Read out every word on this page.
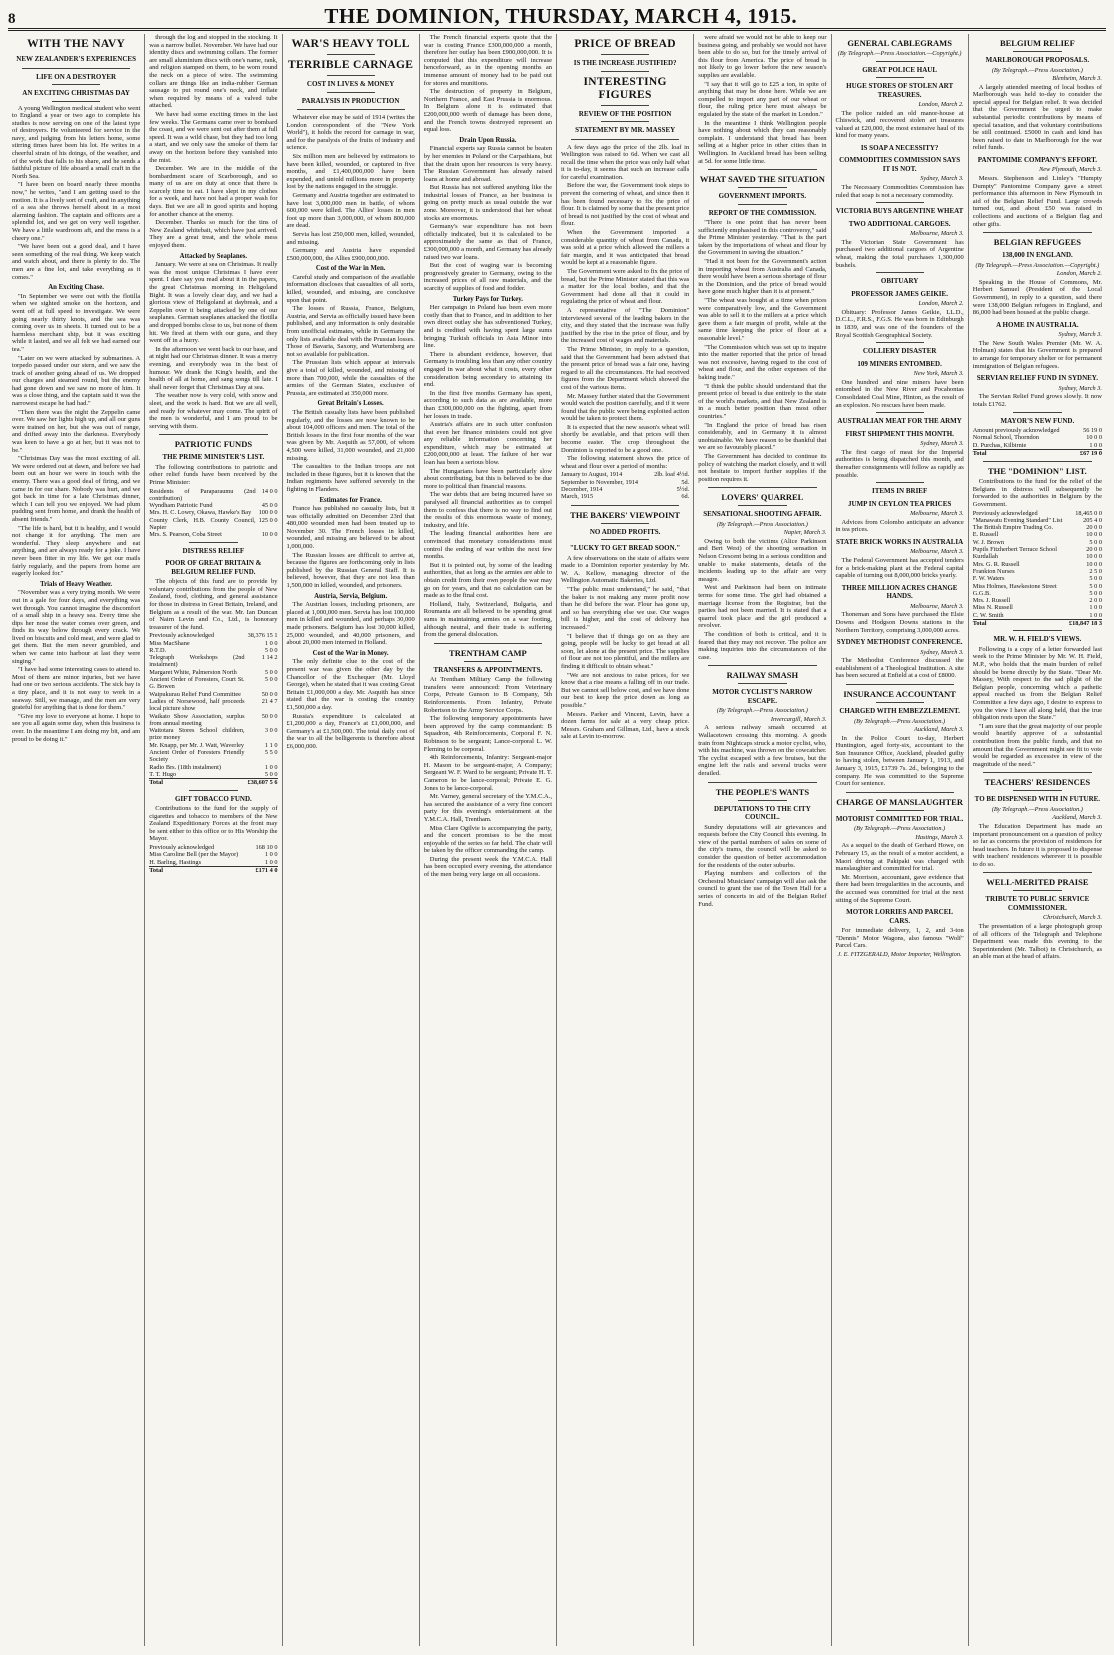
8	THE DOMINION, THURSDAY, MARCH 4, 1915.
WITH THE NAVY
NEW ZEALANDER'S EXPERIENCES
LIFE ON A DESTROYER
AN EXCITING CHRISTMAS DAY

A young Wellington medical student who went to England a year or two ago to complete his studies is now serving on one of the latest type of destroyers. He volunteered for service in the navy, and judging from his letters home, some stirring times have been his lot. He writes in a cheerful strain of his doings, of the weather, and of the work that falls to his share, and he sends a faithful picture of life aboard a small craft in the North Sea.

"I have been on board nearly three months now," he writes, "and I am getting used to the motion. It is a lively sort of craft, and in anything of a sea she throws herself about in a most alarming fashion. The captain and officers are a splendid lot, and we get on very well together. We have a little wardroom aft, and the mess is a cheery one."

"We have been out a good deal, and I have seen something of the real thing. We keep watch and watch about, and there is plenty to do. The men are a fine lot, and take everything as it comes."

An Exciting Chase.

"In September we were out with the flotilla when we sighted smoke on the horizon, and went off at full speed to investigate. We were going nearly thirty knots, and the sea was coming over us in sheets. It turned out to be a harmless merchant ship, but it was exciting while it lasted, and we all felt we had earned our tea."

"Later on we were attacked by submarines. A torpedo passed under our stern, and we saw the track of another going ahead of us. We dropped our charges and steamed round, but the enemy had gone down and we saw no more of him. It was a close thing, and the captain said it was the narrowest escape he had had."

"Then there was the night the Zeppelin came over. We saw her lights high up, and all our guns were trained on her, but she was out of range, and drifted away into the darkness. Everybody was keen to have a go at her, but it was not to be."

"Christmas Day was the most exciting of all. We were ordered out at dawn, and before we had been out an hour we were in touch with the enemy. There was a good deal of firing, and we came in for our share. Nobody was hurt, and we got back in time for a late Christmas dinner, which I can tell you we enjoyed. We had plum pudding sent from home, and drank the health of absent friends."

"The life is hard, but it is healthy, and I would not change it for anything. The men are wonderful. They sleep anywhere and eat anything, and are always ready for a joke. I have never been fitter in my life. We get our mails fairly regularly, and the papers from home are eagerly looked for."

Trials of Heavy Weather.

"November was a very trying month. We were out in a gale for four days, and everything was wet through. You cannot imagine the discomfort of a small ship in a heavy sea. Every time she dips her nose the water comes over green, and finds its way below through every crack. We lived on biscuits and cold meat, and were glad to get them. But the men never grumbled, and when we came into harbour at last they were singing."

"I have had some interesting cases to attend to. Most of them are minor injuries, but we have had one or two serious accidents. The sick bay is a tiny place, and it is not easy to work in a seaway. Still, we manage, and the men are very grateful for anything that is done for them."

"Give my love to everyone at home. I hope to see you all again some day, when this business is over. In the meantime I am doing my bit, and am proud to be doing it."

through the log and stopped in the stocking. It was a narrow bullet. November. We have had our identity discs and swimming collars. The former are small aluminium discs with one's name, rank, and religion stamped on them, to be worn round the neck on a piece of wire. The swimming collars are things like an india-rubber German sausage to put round one's neck, and inflate when required by means of a valved tube attached.

We have had some exciting times in the last few weeks. The Germans came over to bombard the coast, and we were sent out after them at full speed. It was a wild chase, but they had too long a start, and we only saw the smoke of them far away on the horizon before they vanished into the mist.

December. We are in the middle of the bombardment scare of Scarborough, and so many of us are on duty at once that there is scarcely time to eat. I have slept in my clothes for a week, and have not had a proper wash for days. But we are all in good spirits and hoping for another chance at the enemy.

December. Thanks so much for the tins of New Zealand whitebait, which have just arrived. They are a great treat, and the whole mess enjoyed them.

Attacked by Seaplanes.

January. We were at sea on Christmas. It really was the most unique Christmas I have ever spent. I dare say you read about it in the papers, the great Christmas morning in Heligoland Bight. It was a lovely clear day, and we had a glorious view of Heligoland at daybreak, and a Zeppelin over it being attacked by one of our seaplanes. German seaplanes attacked the flotilla and dropped bombs close to us, but none of them hit. We fired at them with our guns, and they went off in a hurry.

In the afternoon we went back to our base, and at night had our Christmas dinner. It was a merry evening, and everybody was in the best of humour. We drank the King's health, and the health of all at home, and sang songs till late. I shall never forget that Christmas Day at sea.

The weather now is very cold, with snow and sleet, and the work is hard. But we are all well, and ready for whatever may come. The spirit of the men is wonderful, and I am proud to be serving with them.

PATRIOTIC FUNDS
THE PRIME MINISTER'S LIST.

The following contributions to patriotic and other relief funds have been received by the Prime Minister:

Residents of Paraparaumu (2nd contribution)	14 0 0
Wyndham Patriotic Fund	45 0 0
Mrs. H. C. Lowry, Okawa, Hawke's Bay	100 0 0
County Clerk, H.B. County Council, Napier	125 0 0
Mrs. S. Pearson, Coba Street	10 0 0
DISTRESS RELIEF
POOR OF GREAT BRITAIN & BELGIUM RELIEF FUND.

The objects of this fund are to provide by voluntary contributions from the people of New Zealand, food, clothing, and general assistance for those in distress in Great Britain, Ireland, and Belgium as a result of the war. Mr. Ian Duncan of Nairn Levin and Co., Ltd., is honorary treasurer of the fund.

Previously acknowledged	38,376 15 1
Miss MacShane	1 0 0
R.T.D.	5 0 0
Telegraph Workshops (2nd instalment)	1 14 2
Margaret White, Palmerston North	5 0 0
Ancient Order of Foresters, Court St. G. Bowen	5 0 0
Waipukurau Relief Fund Committee	50 0 0
Ladies of Norsewood, half proceeds local picture show	21 4 7
Waikato Show Association, surplus from annual meeting	50 0 0
Waitotara Stores School children, prize money	3 0 0
Mr. Knapp, per Mr. J. Watt, Waverley	1 1 0
Ancient Order of Foresters Friendly Society	5 5 0
Radio Brs. (18th instalment)	1 0 0
T. T. Hugo	5 0 0
Total	£38,607 5 6
GIFT TOBACCO FUND.

Contributions to the fund for the supply of cigarettes and tobacco to members of the New Zealand Expeditionary Forces at the front may be sent either to this office or to His Worship the Mayor.

Previously acknowledged	168 10 0
Miss Caroline Bell (per the Mayor)	1 0 0
H. Barling, Hastings	1 0 0
Total	£171 4 0
WAR'S HEAVY TOLL
TERRIBLE CARNAGE
COST IN LIVES & MONEY
PARALYSIS IN PRODUCTION

Whatever else may be said of 1914 (writes the London correspondent of the "New York World"), it holds the record for carnage in war, and for the paralysis of the fruits of industry and science.

Six million men are believed by estimators to have been killed, wounded, or captured in five months, and £1,400,000,000 have been expended, and untold millions more in property lost by the nations engaged in the struggle.

Germany and Austria together are estimated to have lost 3,000,000 men in battle, of whom 600,000 were killed. The Allies' losses in men foot up more than 3,000,000, of whom 800,000 are dead.

Servia has lost 250,000 men, killed, wounded, and missing.

Germany and Austria have expended £500,000,000, the Allies £900,000,000.

Cost of the War in Men.

Careful study and comparison of the available information discloses that casualties of all sorts, killed, wounded, and missing, are conclusive upon that point.

The losses of Russia, France, Belgium, Austria, and Servia as officially issued have been published, and any information is only desirable from unofficial estimates, while in Germany the only lists available deal with the Prussian losses. Those of Bavaria, Saxony, and Wurtemberg are not so available for publication.

The Prussian lists which appear at intervals give a total of killed, wounded, and missing of more than 700,000, while the casualties of the armies of the German States, exclusive of Prussia, are estimated at 350,000 more.

Great Britain's Losses.

The British casualty lists have been published regularly, and the losses are now known to be about 104,000 officers and men. The total of the British losses in the first four months of the war was given by Mr. Asquith as 57,000, of whom 4,500 were killed, 31,000 wounded, and 21,000 missing.

The casualties to the Indian troops are not included in these figures, but it is known that the Indian regiments have suffered severely in the fighting in Flanders.

Estimates for France.

France has published no casualty lists, but it was officially admitted on December 23rd that 480,000 wounded men had been treated up to November 30. The French losses in killed, wounded, and missing are believed to be about 1,000,000.

The Russian losses are difficult to arrive at, because the figures are forthcoming only in lists published by the Russian General Staff. It is believed, however, that they are not less than 1,500,000 in killed, wounded, and prisoners.

Austria, Servia, Belgium.

The Austrian losses, including prisoners, are placed at 1,000,000 men. Servia has lost 100,000 men in killed and wounded, and perhaps 30,000 made prisoners. Belgium has lost 30,000 killed, 25,000 wounded, and 40,000 prisoners, and about 20,000 men interned in Holland.

Cost of the War in Money.

The only definite clue to the cost of the present war was given the other day by the Chancellor of the Exchequer (Mr. Lloyd George), when he stated that it was costing Great Britain £1,000,000 a day. Mr. Asquith has since stated that the war is costing the country £1,500,000 a day.

Russia's expenditure is calculated at £1,200,000 a day, France's at £1,000,000, and Germany's at £1,500,000. The total daily cost of the war to all the belligerents is therefore about £6,000,000.

The French financial experts quote that the war is costing France £300,000,000 a month, therefore her outlay has been £900,000,000. It is computed that this expenditure will increase henceforward, as in the opening months an immense amount of money had to be paid out for stores and munitions.

The destruction of property in Belgium, Northern France, and East Prussia is enormous. In Belgium alone it is estimated that £200,000,000 worth of damage has been done, and the French towns destroyed represent an equal loss.

Drain Upon Russia.

Financial experts say Russia cannot be beaten by her enemies in Poland or the Carpathians, but that the drain upon her resources is very heavy. The Russian Government has already raised loans at home and abroad.

But Russia has not suffered anything like the industrial losses of France, as her business is going on pretty much as usual outside the war zone. Moreover, it is understood that her wheat stocks are enormous.

Germany's war expenditure has not been officially indicated, but it is calculated to be approximately the same as that of France, £300,000,000 a month, and Germany has already raised two war loans.

But the cost of waging war is becoming progressively greater to Germany, owing to the increased prices of all raw materials, and the scarcity of supplies of food and fodder.

Turkey Pays for Turkey.

Her campaign in Poland has been even more costly than that to France, and in addition to her own direct outlay she has subventioned Turkey, and is credited with having spent large sums bringing Turkish officials in Asia Minor into line.

There is abundant evidence, however, that Germany is troubling less than any other country engaged in war about what it costs, every other consideration being secondary to attaining its end.

In the first five months Germany has spent, according to such data as are available, more than £300,000,000 on the fighting, apart from her losses in trade.

Austria's affairs are in such utter confusion that even her finance ministers could not give any reliable information concerning her expenditure, which may be estimated at £200,000,000 at least. The failure of her war loan has been a serious blow.

The Hungarians have been particularly slow about contributing, but this is believed to be due more to political than financial reasons.

The war debts that are being incurred have so paralysed all financial authorities as to compel them to confess that there is no way to find out the results of this enormous waste of money, industry, and life.

The leading financial authorities here are convinced that monetary considerations must control the ending of war within the next few months.

But it is pointed out, by some of the leading authorities, that as long as the armies are able to obtain credit from their own people the war may go on for years, and that no calculation can be made as to the final cost.

Holland, Italy, Switzerland, Bulgaria, and Roumania are all believed to be spending great sums in maintaining armies on a war footing, although neutral, and their trade is suffering from the general dislocation.

TRENTHAM CAMP
TRANSFERS & APPOINTMENTS.

At Trentham Military Camp the following transfers were announced: From Veterinary Corps, Private Gunson to B Company, 5th Reinforcements. From Infantry, Private Robertson to the Army Service Corps.

The following temporary appointments have been approved by the camp commandant: B Squadron, 4th Reinforcements, Corporal F. N. Robinson to be sergeant; Lance-corporal L. W. Fleming to be corporal.

4th Reinforcements, Infantry: Sergeant-major H. Mason to be sergeant-major, A Company; Sergeant W. F. Ward to be sergeant; Private H. T. Cameron to be lance-corporal; Private E. G. Jones to be lance-corporal.

Mr. Varney, general secretary of the Y.M.C.A., has secured the assistance of a very fine concert party for this evening's entertainment at the Y.M.C.A. Hall, Trentham.

Miss Clare Ogilvie is accompanying the party, and the concert promises to be the most enjoyable of the series so far held. The chair will be taken by the officer commanding the camp.

During the present week the Y.M.C.A. Hall has been occupied every evening, the attendance of the men being very large on all occasions.

PRICE OF BREAD
IS THE INCREASE JUSTIFIED?
INTERESTING FIGURES
REVIEW OF THE POSITION
STATEMENT BY MR. MASSEY

A few days ago the price of the 2lb. loaf in Wellington was raised to 6d. When we cast all recall the time when the price was only half what it is to-day, it seems that such an increase calls for careful examination.

Before the war, the Government took steps to prevent the cornering of wheat, and since then it has been found necessary to fix the price of flour. It is claimed by some that the present price of bread is not justified by the cost of wheat and flour.

When the Government imported a considerable quantity of wheat from Canada, it was sold at a price which allowed the millers a fair margin, and it was anticipated that bread would be kept at a reasonable figure.

The Government were asked to fix the price of bread, but the Prime Minister stated that this was a matter for the local bodies, and that the Government had done all that it could in regulating the price of wheat and flour.

A representative of "The Dominion" interviewed several of the leading bakers in the city, and they stated that the increase was fully justified by the rise in the price of flour, and by the increased cost of wages and materials.

The Prime Minister, in reply to a question, said that the Government had been advised that the present price of bread was a fair one, having regard to all the circumstances. He had received figures from the Department which showed the cost of the various items.

Mr. Massey further stated that the Government would watch the position carefully, and if it were found that the public were being exploited action would be taken to protect them.

It is expected that the new season's wheat will shortly be available, and that prices will then become easier. The crop throughout the Dominion is reported to be a good one.

The following statement shows the price of wheat and flour over a period of months:

January to August, 1914	2lb. loaf 4½d.
September to November, 1914	5d.
December, 1914	5½d.
March, 1915	6d.
THE BAKERS' VIEWPOINT
NO ADDED PROFITS.
"LUCKY TO GET BREAD SOON."

A few observations on the state of affairs were made to a Dominion reporter yesterday by Mr. W. A. Kellow, managing director of the Wellington Automatic Bakeries, Ltd.

"The public must understand," he said, "that the baker is not making any more profit now than he did before the war. Flour has gone up, and so has everything else we use. Our wages bill is higher, and the cost of delivery has increased."

"I believe that if things go on as they are going, people will be lucky to get bread at all soon, let alone at the present price. The supplies of flour are not too plentiful, and the millers are finding it difficult to obtain wheat."

"We are not anxious to raise prices, for we know that a rise means a falling off in our trade. But we cannot sell below cost, and we have done our best to keep the price down as long as possible."

Messrs. Parker and Vincent, Levin, have a dozen farms for sale at a very cheap price. Messrs. Graham and Gillman, Ltd., have a stock sale at Levin to-morrow.

were afraid we would not be able to keep our business going, and probably we would not have been able to do so, but for the timely arrival of this flour from America. The price of bread is not likely to go lower before the new season's supplies are available.

"I say that it will go to £25 a ton, in spite of anything that may be done here. While we are compelled to import any part of our wheat or flour, the ruling price here must always be regulated by the state of the market in London."

In the meantime I think Wellington people have nothing about which they can reasonably complain. I understand that bread has been selling at a higher price in other cities than in Wellington. In Auckland bread has been selling at 5d. for some little time.

WHAT SAVED THE SITUATION
GOVERNMENT IMPORTS.
REPORT OF THE COMMISSION.

"There is one point that has never been sufficiently emphasised in this controversy," said the Prime Minister yesterday. "That is the part taken by the importations of wheat and flour by the Government in saving the situation."

"Had it not been for the Government's action in importing wheat from Australia and Canada, there would have been a serious shortage of flour in the Dominion, and the price of bread would have gone much higher than it is at present."

"The wheat was bought at a time when prices were comparatively low, and the Government was able to sell it to the millers at a price which gave them a fair margin of profit, while at the same time keeping the price of flour at a reasonable level."

"The Commission which was set up to inquire into the matter reported that the price of bread was not excessive, having regard to the cost of wheat and flour, and the other expenses of the baking trade."

"I think the public should understand that the present price of bread is due entirely to the state of the world's markets, and that New Zealand is in a much better position than most other countries."

"In England the price of bread has risen considerably, and in Germany it is almost unobtainable. We have reason to be thankful that we are so favourably placed."

The Government has decided to continue its policy of watching the market closely, and it will not hesitate to import further supplies if the position requires it.

LOVERS' QUARREL
SENSATIONAL SHOOTING AFFAIR.
(By Telegraph.—Press Association.)
Napier, March 3.

Owing to both the victims (Alice Parkinson and Bert West) of the shooting sensation in Nelson Crescent being in a serious condition and unable to make statements, details of the incidents leading up to the affair are very meagre.

West and Parkinson had been on intimate terms for some time. The girl had obtained a marriage license from the Registrar, but the parties had not been married. It is stated that a quarrel took place and the girl produced a revolver.

The condition of both is critical, and it is feared that they may not recover. The police are making inquiries into the circumstances of the case.

RAILWAY SMASH
MOTOR CYCLIST'S NARROW ESCAPE.
(By Telegraph.—Press Association.)
Invercargill, March 3.

A serious railway smash occurred at Wallacetown crossing this morning. A goods train from Nightcaps struck a motor cyclist, who, with his machine, was thrown on the cowcatcher. The cyclist escaped with a few bruises, but the engine left the rails and several trucks were derailed.

THE PEOPLE'S WANTS
DEPUTATIONS TO THE CITY COUNCIL.

Sundry deputations will air grievances and requests before the City Council this evening. In view of the partial numbers of sales on some of the city's trams, the council will be asked to consider the question of better accommodation for the residents of the outer suburbs.

Playing numbers and collectors of the Orchestral Musicians' campaign will also ask the council to grant the use of the Town Hall for a series of concerts in aid of the Belgian Relief Fund.

GENERAL CABLEGRAMS
(By Telegraph.—Press Association.—Copyright.)
GREAT POLICE HAUL
HUGE STORES OF STOLEN ART TREASURES.
London, March 2.

The police raided an old manor-house at Chiswick, and recovered stolen art treasures valued at £20,000, the most extensive haul of its kind for many years.

IS SOAP A NECESSITY?
COMMODITIES COMMISSION SAYS IT IS NOT.
Sydney, March 3.

The Necessary Commodities Commission has ruled that soap is not a necessary commodity.

VICTORIA BUYS ARGENTINE WHEAT
TWO ADDITIONAL CARGOES.
Melbourne, March 3.

The Victorian State Government has purchased two additional cargoes of Argentine wheat, making the total purchases 1,300,000 bushels.

OBITUARY
PROFESSOR JAMES GEIKIE.
London, March 2.

Obituary: Professor James Geikie, LL.D., D.C.L., F.R.S., F.G.S. He was born in Edinburgh in 1839, and was one of the founders of the Royal Scottish Geographical Society.

COLLIERY DISASTER
109 MINERS ENTOMBED.
New York, March 3.

One hundred and nine miners have been entombed in the New River and Pocahontas Consolidated Coal Mine, Hinton, as the result of an explosion. No rescues have been made.

AUSTRALIAN MEAT FOR THE ARMY
FIRST SHIPMENT THIS MONTH.
Sydney, March 3.

The first cargo of meat for the Imperial authorities is being dispatched this month, and thereafter consignments will follow as rapidly as possible.

ITEMS IN BRIEF
JUMP IN CEYLON TEA PRICES
Melbourne, March 3.

Advices from Colombo anticipate an advance in tea prices.

STATE BRICK WORKS IN AUSTRALIA
Melbourne, March 3.

The Federal Government has accepted tenders for a brick-making plant at the Federal capital capable of turning out 8,000,000 bricks yearly.

THREE MILLION ACRES CHANGE HANDS.
Melbourne, March 3.

Thoneman and Sons have purchased the Elsie Downs and Hodgson Downs stations in the Northern Territory, comprising 3,000,000 acres.

SYDNEY METHODIST CONFERENCE.
Sydney, March 3.

The Methodist Conference discussed the establishment of a Theological Institution. A site has been secured at Enfield at a cost of £8000.

INSURANCE ACCOUNTANT
CHARGED WITH EMBEZZLEMENT.
(By Telegraph.—Press Association.)
Auckland, March 3.

In the Police Court to-day, Herbert Huntington, aged forty-six, accountant to the Sun Insurance Office, Auckland, pleaded guilty to having stolen, between January 1, 1913, and January 3, 1915, £1739 7s. 2d., belonging to the company. He was committed to the Supreme Court for sentence.

CHARGE OF MANSLAUGHTER
MOTORIST COMMITTED FOR TRIAL.
(By Telegraph.—Press Association.)
Hastings, March 3.

As a sequel to the death of Gerhard Howe, on February 15, as the result of a motor accident, a Maori driving at Pakipaki was charged with manslaughter and committed for trial.

Mr. Morrison, accountant, gave evidence that there had been irregularities in the accounts, and the accused was committed for trial at the next sitting of the Supreme Court.

MOTOR LORRIES AND PARCEL CARS.

For immediate delivery, 1, 2, and 3-ton "Dennis" Motor Wagons, also famous "Wolf" Parcel Cars.

J. E. FITZGERALD, Motor Importer, Wellington.
BELGIUM RELIEF
MARLBOROUGH PROPOSALS.
(By Telegraph.—Press Association.)
Blenheim, March 3.

A largely attended meeting of local bodies of Marlborough was held to-day to consider the special appeal for Belgian relief. It was decided that the Government be urged to make substantial periodic contributions by means of special taxation, and that voluntary contributions be still continued. £5000 in cash and kind has been raised to date in Marlborough for the war relief funds.

PANTOMIME COMPANY'S EFFORT.
New Plymouth, March 3.

Messrs. Stephenson and Linley's "Humpty Dumpty" Pantomime Company gave a street performance this afternoon in New Plymouth in aid of the Belgian Relief Fund. Large crowds turned out, and about £50 was raised in collections and auctions of a Belgian flag and other gifts.

BELGIAN REFUGEES
138,000 IN ENGLAND.
(By Telegraph.—Press Association.—Copyright.)
London, March 2.

Speaking in the House of Commons, Mr. Herbert Samuel (President of the Local Government), in reply to a question, said there were 138,000 Belgian refugees in England, and 86,000 had been housed at the public charge.

A HOME IN AUSTRALIA.
Sydney, March 3.

The New South Wales Premier (Mr. W. A. Holman) states that his Government is prepared to arrange for temporary shelter or for permanent immigration of Belgian refugees.

SERVIAN RELIEF FUND IN SYDNEY.
Sydney, March 3.

The Servian Relief Fund grows slowly. It now totals £1762.

MAYOR'S NEW FUND.
Amount previously acknowledged	56 19 0
Normal School, Thorndon	10 0 0
D. Purchas, Kilbirnie	1 0 0
Total	£67 19 0
THE "DOMINION" LIST.

Contributions to the fund for the relief of the Belgians in distress will subsequently be forwarded to the authorities in Belgium by the Government.

Previously acknowledged	18,465 0 0
"Manawatu Evening Standard" List	205 4 0
The British Empire Trading Co.	20 0 0
E. Russell	10 0 0
W. J. Brown	5 0 0
Pupils Fitzherbert Terrace School	20 0 0
Kurdallah	10 0 0
Mrs. G. R. Russell	10 0 0
Frankton Nurses	2 5 0
F. W. Waters	5 0 0
Miss Holmes, Hawkestone Street	5 0 0
G.G.B.	5 0 0
Mrs. J. Russell	2 0 0
Miss N. Russell	1 0 0
C. W. Smith	1 0 0
Total	£18,847 18 3
MR. W. H. FIELD'S VIEWS.

Following is a copy of a letter forwarded last week to the Prime Minister by Mr. W. H. Field, M.P., who holds that the main burden of relief should be borne directly by the State. "Dear Mr. Massey, With respect to the sad plight of the Belgian people, concerning which a pathetic appeal reached us from the Belgian Relief Committee a few days ago, I desire to express to you the view I have all along held, that the true obligation rests upon the State."

"I am sure that the great majority of our people would heartily approve of a substantial contribution from the public funds, and that no amount that the Government might see fit to vote would be regarded as excessive in view of the magnitude of the need."

TEACHERS' RESIDENCES
TO BE DISPENSED WITH IN FUTURE.
(By Telegraph.—Press Association.)
Auckland, March 3.

The Education Department has made an important pronouncement on a question of policy so far as concerns the provision of residences for head teachers. In future it is proposed to dispense with teachers' residences wherever it is possible to do so.

WELL-MERITED PRAISE
TRIBUTE TO PUBLIC SERVICE COMMISSIONER.
Christchurch, March 3.

The presentation of a large photograph group of all officers of the Telegraph and Telephone Department was made this evening to the Superintendent (Mr. Talbot) in Christchurch, as an able man at the head of affairs.
